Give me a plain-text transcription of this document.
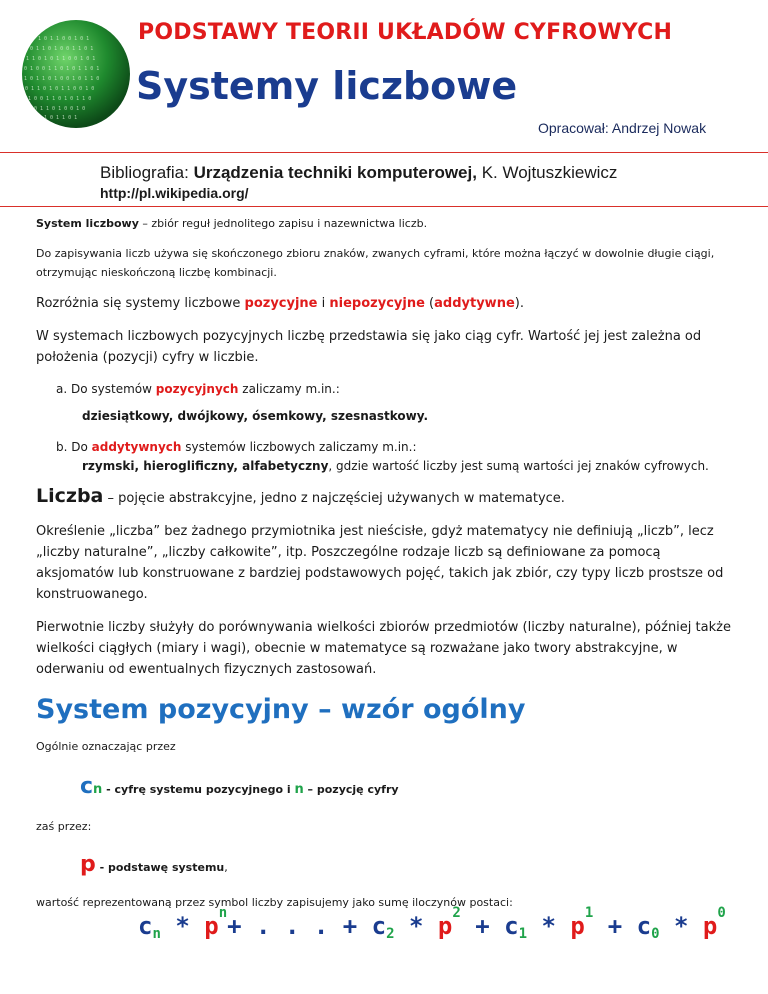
1 0 1 1 0 0 1 0 1
0 1 1 0 1 0 0 1 1 0 1
1 1 0 1 0 1 1 0 0 1 0 1
0 1 0 0 1 1 0 1 0 1 1 0 1
1 0 1 1 0 1 0 0 1 0 1 1 0
0 1 1 0 1 0 1 1 0 0 1 0
1 0 0 1 1 0 1 0 1 1 0
0 1 1 0 1 0 0 1 0
1 0 1 1 0 1
PODSTAWY TEORII UKŁADÓW CYFROWYCH
Systemy liczbowe
Opracował: Andrzej Nowak
Bibliografia: Urządzenia techniki komputerowej, K. Wojtuszkiewicz
http://pl.wikipedia.org/

System liczbowy – zbiór reguł jednolitego zapisu i nazewnictwa liczb.

Do zapisywania liczb używa się skończonego zbioru znaków, zwanych cyframi, które można łączyć w dowolnie długie ciągi, otrzymując nieskończoną liczbę kombinacji.

Rozróżnia się systemy liczbowe pozycyjne i niepozycyjne (addytywne).

W systemach liczbowych pozycyjnych liczbę przedstawia się jako ciąg cyfr. Wartość jej jest zależna od położenia (pozycji) cyfry w liczbie.

a. Do systemów pozycyjnych zaliczamy m.in.:
dziesiątkowy, dwójkowy, ósemkowy, szesnastkowy.
b. Do addytywnych systemów liczbowych zaliczamy m.in.:
rzymski, hieroglificzny, alfabetyczny, gdzie wartość liczby jest sumą wartości jej znaków cyfrowych.

Liczba – pojęcie abstrakcyjne, jedno z najczęściej używanych w matematyce.

Określenie „liczba” bez żadnego przymiotnika jest nieścisłe, gdyż matematycy nie definiują „liczb”, lecz „liczby naturalne”, „liczby całkowite”, itp. Poszczególne rodzaje liczb są definiowane za pomocą aksjomatów lub konstruowane z bardziej podstawowych pojęć, takich jak zbiór, czy typy liczb prostsze od konstruowanego.

Pierwotnie liczby służyły do porównywania wielkości zbiorów przedmiotów (liczby naturalne), później także wielkości ciągłych (miary i wagi), obecnie w matematyce są rozważane jako twory abstrakcyjne, w oderwaniu od ewentualnych fizycznych zastosowań.

System pozycyjny – wzór ogólny

Ogólnie oznaczając przez

cn - cyfrę systemu pozycyjnego i n – pozycję cyfry

zaś przez:

p - podstawę systemu,

wartość reprezentowaną przez symbol liczby zapisujemy jako sumę iloczynów postaci:

cn * $p^n+$ . . . + $c2 * p^2 + c1 * p^1 + c0 * p^0$
